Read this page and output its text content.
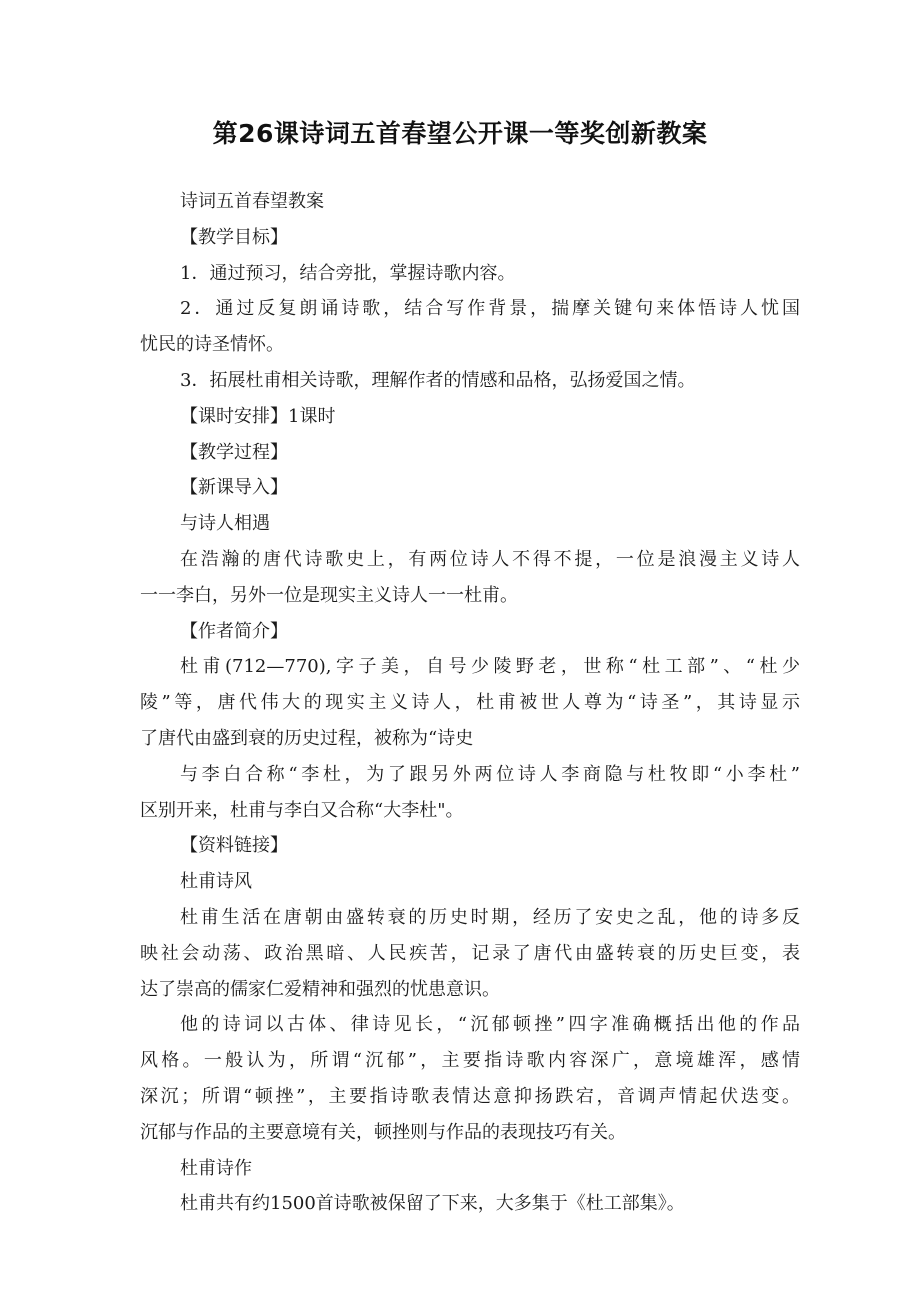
第26课诗词五首春望公开课一等奖创新教案
诗词五首春望教案
【教学目标】
1．通过预习，结合旁批，掌握诗歌内容。
2．通过反复朗诵诗歌，结合写作背景，揣摩关键句来体悟诗人忧国
忧民的诗圣情怀。
3．拓展杜甫相关诗歌，理解作者的情感和品格，弘扬爱国之情。
【课时安排】1课时
【教学过程】
【新课导入】
与诗人相遇
在浩瀚的唐代诗歌史上，有两位诗人不得不提，一位是浪漫主义诗人
一一李白，另外一位是现实主义诗人一一杜甫。
【作者简介】
杜甫(712—770),字子美，自号少陵野老，世称“杜工部”、“杜少
陵”等，唐代伟大的现实主义诗人，杜甫被世人尊为“诗圣”，其诗显示
了唐代由盛到衰的历史过程，被称为“诗史
与李白合称“李杜，为了跟另外两位诗人李商隐与杜牧即“小李杜”
区别开来，杜甫与李白又合称“大李杜"。
【资料链接】
杜甫诗风
杜甫生活在唐朝由盛转衰的历史时期，经历了安史之乱，他的诗多反
映社会动荡、政治黑暗、人民疾苦，记录了唐代由盛转衰的历史巨变，表
达了崇高的儒家仁爱精神和强烈的忧患意识。
他的诗词以古体、律诗见长，“沉郁顿挫”四字准确概括出他的作品
风格。一般认为，所谓“沉郁”，主要指诗歌内容深广，意境雄浑，感情
深沉；所谓“顿挫”，主要指诗歌表情达意抑扬跌宕，音调声情起伏迭变。
沉郁与作品的主要意境有关，顿挫则与作品的表现技巧有关。
杜甫诗作
杜甫共有约1500首诗歌被保留了下来，大多集于《杜工部集》。
